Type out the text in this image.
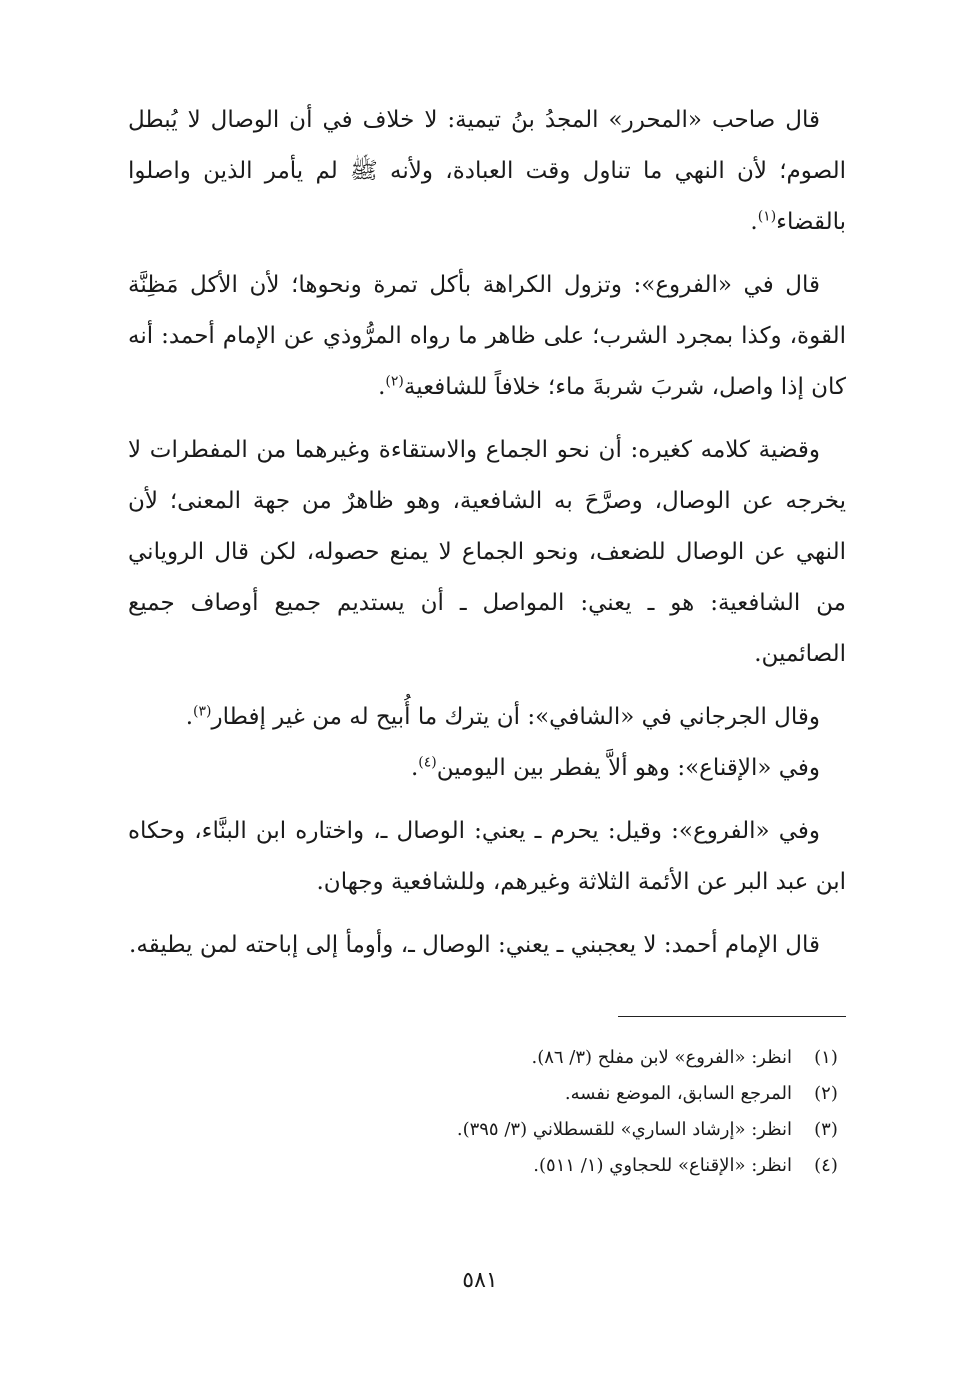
قال صاحب «المحرر» المجدُ بنُ تيمية: لا خلاف في أن الوصال لا يُبطل الصوم؛ لأن النهي ما تناول وقت العبادة، ولأنه ﷺ لم يأمر الذين واصلوا بالقضاء$^{(١)}$.

قال في «الفروع»: وتزول الكراهة بأكل تمرة ونحوها؛ لأن الأكل مَظِنَّة القوة، وكذا بمجرد الشرب؛ على ظاهر ما رواه المرُّوذي عن الإمام أحمد: أنه كان إذا واصل، شربَ شربةَ ماء؛ خلافاً للشافعية$^{(٢)}$.

وقضية كلامه كغيره: أن نحو الجماع والاستقاءة وغيرهما من المفطرات لا يخرجه عن الوصال، وصرَّحَ به الشافعية، وهو ظاهرٌ من جهة المعنى؛ لأن النهي عن الوصال للضعف، ونحو الجماع لا يمنع حصوله، لكن قال الروياني من الشافعية: هو ـ يعني: المواصل ـ أن يستديم جميع أوصاف جميع الصائمين.

وقال الجرجاني في «الشافي»: أن يترك ما أُبيح له من غير إفطار$^{(٣)}$.

وفي «الإقناع»: وهو ألاَّ يفطر بين اليومين$^{(٤)}$.

وفي «الفروع»: وقيل: يحرم ـ يعني: الوصال ـ، واختاره ابن البنَّاء، وحكاه ابن عبد البر عن الأئمة الثلاثة وغيرهم، وللشافعية وجهان.

قال الإمام أحمد: لا يعجبني ـ يعني: الوصال ـ، وأومأ إلى إباحته لمن يطيقه.

(١)انظر: «الفروع» لابن مفلح (٣/ ٨٦).

(٢)المرجع السابق، الموضع نفسه.

(٣)انظر: «إرشاد الساري» للقسطلاني (٣/ ٣٩٥).

(٤)انظر: «الإقناع» للحجاوي (١/ ٥١١).

٥٨١
